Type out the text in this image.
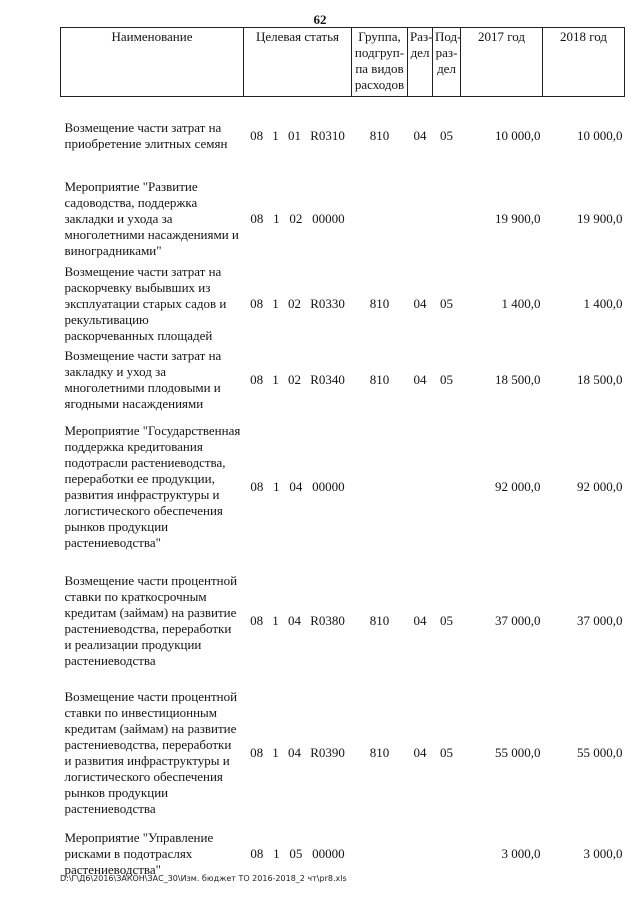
62
Наименование	Целевая статья	Группа, подгруп-па видов расходов	Раз-дел	Под-раз-дел	2017 год	2018 год
Возмещение части затрат на приобретение элитных семян	08 1 01 R0310	810	04	05	10 000,0	10 000,0
Мероприятие "Развитие садоводства, поддержка закладки и ухода за многолетними насаждениями и виноградниками"	08 1 02 00000				19 900,0	19 900,0
Возмещение части затрат на раскорчевку выбывших из эксплуатации старых садов и рекультивацию раскорчеванных площадей	08 1 02 R0330	810	04	05	1 400,0	1 400,0
Возмещение части затрат на закладку и уход за многолетними плодовыми и ягодными насаждениями	08 1 02 R0340	810	04	05	18 500,0	18 500,0
Мероприятие "Государственная поддержка кредитования подотрасли растениеводства, переработки ее продукции, развития инфраструктуры и логистического обеспечения рынков продукции растениеводства"	08 1 04 00000				92 000,0	92 000,0
Возмещение части процентной ставки по краткосрочным кредитам (займам) на развитие растениеводства, переработки и реализации продукции растениеводства	08 1 04 R0380	810	04	05	37 000,0	37 000,0
Возмещение части процентной ставки по инвестиционным кредитам (займам) на развитие растениеводства, переработки и развития инфраструктуры и логистического обеспечения рынков продукции растениеводства	08 1 04 R0390	810	04	05	55 000,0	55 000,0
Мероприятие "Управление рисками в подотраслях растениеводства"	08 1 05 00000				3 000,0	3 000,0
D:\Г\Д6\2016\ЗАКОН\ЗАС_30\Изм. бюджет ТО 2016-2018_2 чт\pr8.xls
